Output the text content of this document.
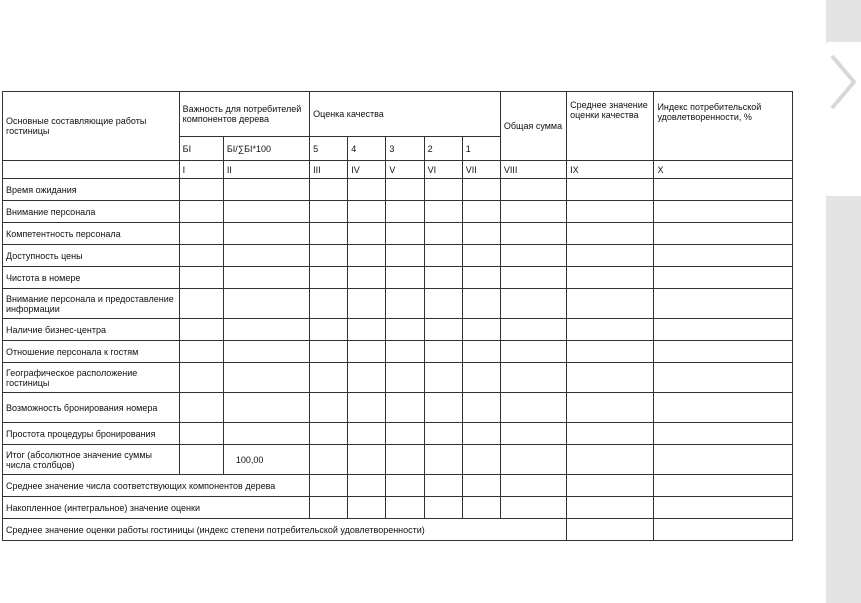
Основные составляющие работы гостиницы	Важность для потребителей компонентов дерева		Оценка качества					Общая сумма	Среднее значение оценки качества	Индекс потребительской удовлетворенности, %
	БI	БI/∑БI*100	5	4	3	2	1			
	I	II	III	IV	V	VI	VII	VIII	IX	X
Время ожидания										
Внимание персонала										
Компетентность персонала										
Доступность цены										
Чистота в номере										
Внимание персонала и предоставление информации										
Наличие бизнес-центра										
Отношение персонала к гостям										
Географическое расположение гостиницы										
Возможность бронирования номера										
Простота процедуры бронирования										
Итог (абсолютное значение суммы числа столбцов)		100,00								
Среднее значение числа соответствующих компонентов дерева										
Накопленное (интегральное) значение оценки										
Среднее значение оценки работы гостиницы (индекс степени потребительской удовлетворенности)										
